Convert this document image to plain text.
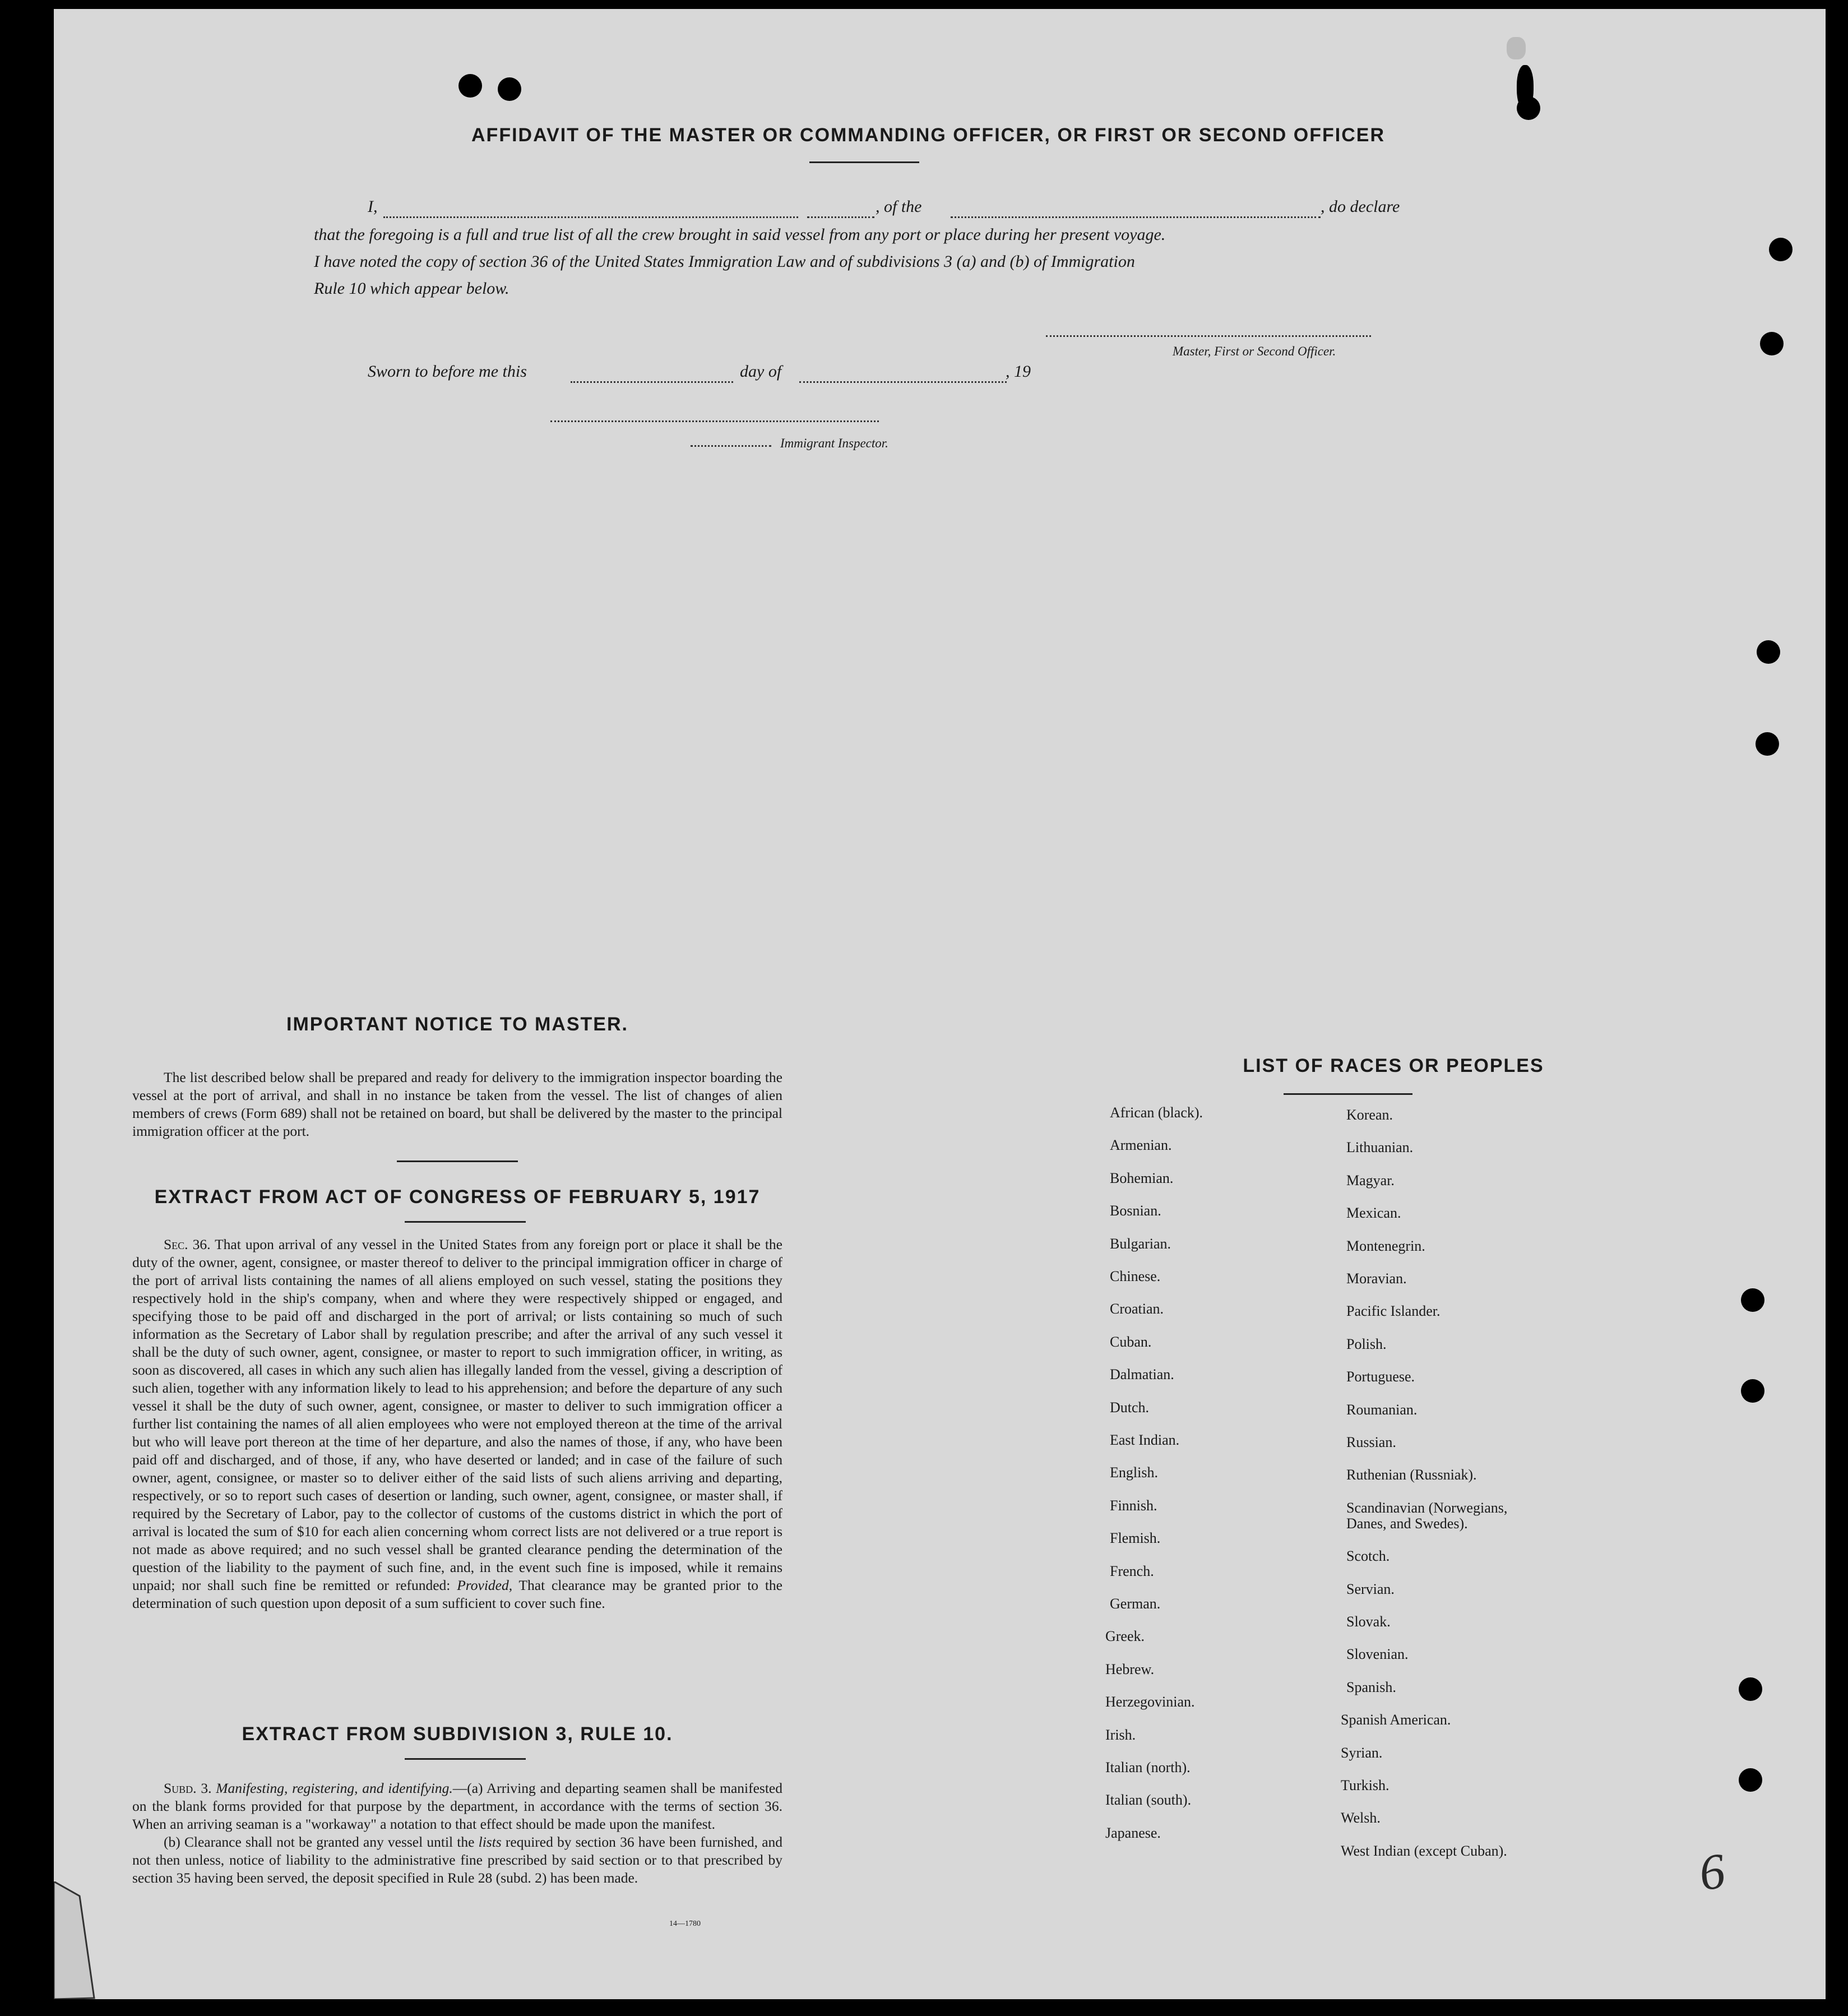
AFFIDAVIT OF THE MASTER OR COMMANDING OFFICER, OR FIRST OR SECOND OFFICER
I,	, of the	, do declare
that the foregoing is a full and true list of all the crew brought in said vessel from any port or place during her present voyage.
I have noted the copy of section 36 of the United States Immigration Law and of subdivisions 3 (a) and (b) of Immigration
Rule 10 which appear below.
Master, First or Second Officer.
Sworn to before me this	day of	, 19
Immigrant Inspector.
IMPORTANT NOTICE TO MASTER.

The list described below shall be prepared and ready for delivery to the immigration inspector boarding the vessel at the port of arrival, and shall in no instance be taken from the vessel. The list of changes of alien members of crews (Form 689) shall not be retained on board, but shall be delivered by the master to the principal immigration officer at the port.

EXTRACT FROM ACT OF CONGRESS OF FEBRUARY 5, 1917

Sec. 36. That upon arrival of any vessel in the United States from any foreign port or place it shall be the duty of the owner, agent, consignee, or master thereof to deliver to the principal immigration officer in charge of the port of arrival lists containing the names of all aliens employed on such vessel, stating the positions they respectively hold in the ship's company, when and where they were respectively shipped or engaged, and specifying those to be paid off and discharged in the port of arrival; or lists containing so much of such information as the Secretary of Labor shall by regulation prescribe; and after the arrival of any such vessel it shall be the duty of such owner, agent, consignee, or master to report to such immigration officer, in writing, as soon as discovered, all cases in which any such alien has illegally landed from the vessel, giving a description of such alien, together with any information likely to lead to his apprehension; and before the departure of any such vessel it shall be the duty of such owner, agent, consignee, or master to deliver to such immigration officer a further list containing the names of all alien employees who were not employed thereon at the time of the arrival but who will leave port thereon at the time of her departure, and also the names of those, if any, who have been paid off and discharged, and of those, if any, who have deserted or landed; and in case of the failure of such owner, agent, consignee, or master so to deliver either of the said lists of such aliens arriving and departing, respectively, or so to report such cases of desertion or landing, such owner, agent, consignee, or master shall, if required by the Secretary of Labor, pay to the collector of customs of the customs district in which the port of arrival is located the sum of $10 for each alien concerning whom correct lists are not delivered or a true report is not made as above required; and no such vessel shall be granted clearance pending the determination of the question of the liability to the payment of such fine, and, in the event such fine is imposed, while it remains unpaid; nor shall such fine be remitted or refunded: Provided, That clearance may be granted prior to the determination of such question upon deposit of a sum sufficient to cover such fine.

EXTRACT FROM SUBDIVISION 3, RULE 10.

Subd. 3. Manifesting, registering, and identifying.—(a) Arriving and departing seamen shall be manifested on the blank forms provided for that purpose by the department, in accordance with the terms of section 36. When an arriving seaman is a "workaway" a notation to that effect should be made upon the manifest.

(b) Clearance shall not be granted any vessel until the lists required by section 36 have been furnished, and not then unless, notice of liability to the administrative fine prescribed by said section or to that prescribed by section 35 having been served, the deposit specified in Rule 28 (subd. 2) has been made.

14—1780
LIST OF RACES OR PEOPLES
6
African (black).
Armenian.
Bohemian.
Bosnian.
Bulgarian.
Chinese.
Croatian.
Cuban.
Dalmatian.
Dutch.
East Indian.
English.
Finnish.
Flemish.
French.
German.
Greek.
Hebrew.
Herzegovinian.
Irish.
Italian (north).
Italian (south).
Japanese.
Korean.
Lithuanian.
Magyar.
Mexican.
Montenegrin.
Moravian.
Pacific Islander.
Polish.
Portuguese.
Roumanian.
Russian.
Ruthenian (Russniak).
Scandinavian (Norwegians,
Danes, and Swedes).
Scotch.
Servian.
Slovak.
Slovenian.
Spanish.
Spanish American.
Syrian.
Turkish.
Welsh.
West Indian (except Cuban).
